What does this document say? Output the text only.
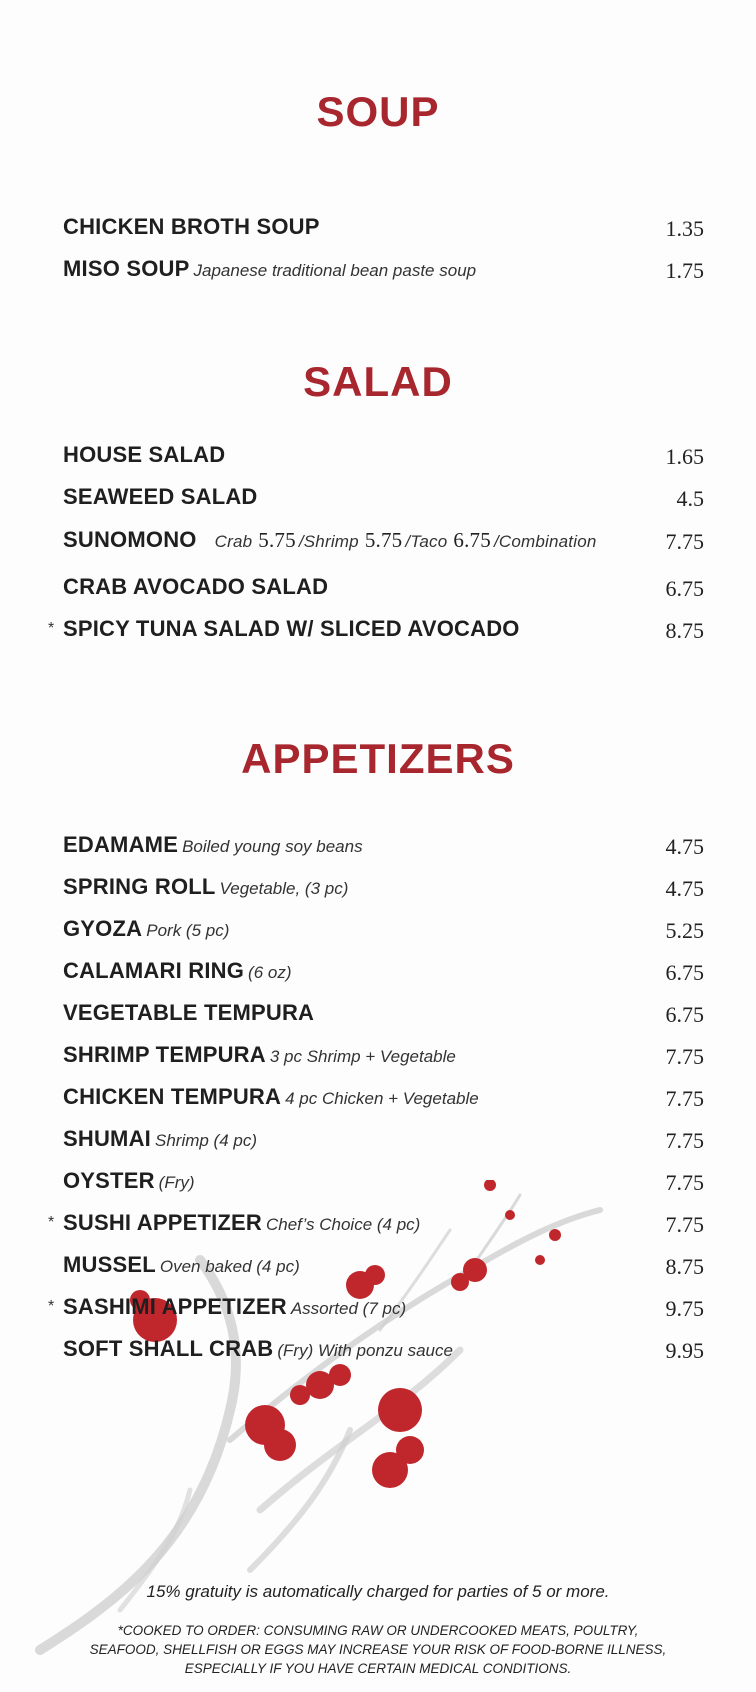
SOUP
CHICKEN BROTH SOUP	1.35
MISO SOUP Japanese traditional bean paste soup	1.75
SALAD
HOUSE SALAD	1.65
SEAWEED SALAD	4.5
SUNOMONO Crab 5.75 /Shrimp 5.75 /Taco 6.75 /Combination	7.75
CRAB AVOCADO SALAD	6.75
* SPICY TUNA SALAD W/ SLICED AVOCADO	8.75
APPETIZERS
EDAMAME Boiled young soy beans	4.75
SPRING ROLL Vegetable, (3 pc)	4.75
GYOZA Pork (5 pc)	5.25
CALAMARI RING (6 oz)	6.75
VEGETABLE TEMPURA	6.75
SHRIMP TEMPURA 3 pc Shrimp + Vegetable	7.75
CHICKEN TEMPURA 4 pc Chicken + Vegetable	7.75
SHUMAI Shrimp (4 pc)	7.75
OYSTER (Fry)	7.75
* SUSHI APPETIZER Chef’s Choice (4 pc)	7.75
MUSSEL Oven baked (4 pc)	8.75
* SASHIMI APPETIZER Assorted (7 pc)	9.75
SOFT SHALL CRAB (Fry) With ponzu sauce	9.95
15% gratuity is automatically charged for parties of 5 or more.
*COOKED TO ORDER: CONSUMING RAW OR UNDERCOOKED MEATS, POULTRY,
SEAFOOD, SHELLFISH OR EGGS MAY INCREASE YOUR RISK OF FOOD-BORNE ILLNESS,
ESPECIALLY IF YOU HAVE CERTAIN MEDICAL CONDITIONS.
